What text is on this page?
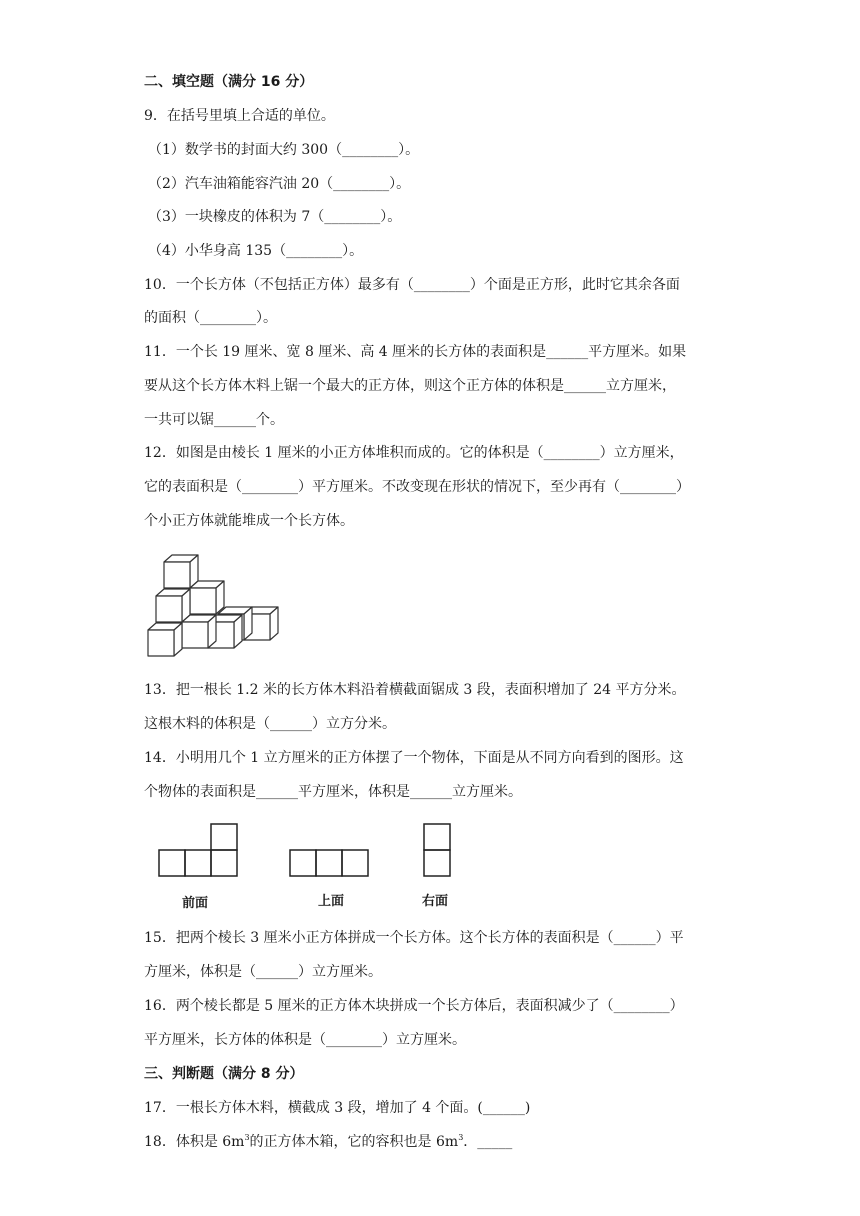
二、填空题（满分 16 分）
9．在括号里填上合适的单位。
（1）数学书的封面大约 300（________）。
（2）汽车油箱能容汽油 20（________）。
（3）一块橡皮的体积为 7（________）。
（4）小华身高 135（________）。
10．一个长方体（不包括正方体）最多有（________）个面是正方形，此时它其余各面
的面积（________）。
11．一个长 19 厘米、宽 8 厘米、高 4 厘米的长方体的表面积是______平方厘米。如果
要从这个长方体木料上锯一个最大的正方体，则这个正方体的体积是______立方厘米，
一共可以锯______个。
12．如图是由棱长 1 厘米的小正方体堆积而成的。它的体积是（________）立方厘米，
它的表面积是（________）平方厘米。不改变现在形状的情况下，至少再有（________）
个小正方体就能堆成一个长方体。
13．把一根长 1.2 米的长方体木料沿着横截面锯成 3 段，表面积增加了 24 平方分米。
这根木料的体积是（______）立方分米。
14．小明用几个 1 立方厘米的正方体摆了一个物体，下面是从不同方向看到的图形。这
个物体的表面积是______平方厘米，体积是______立方厘米。
前面	上面	右面
15．把两个棱长 3 厘米小正方体拼成一个长方体。这个长方体的表面积是（______）平
方厘米，体积是（______）立方厘米。
16．两个棱长都是 5 厘米的正方体木块拼成一个长方体后，表面积减少了（________）
平方厘米，长方体的体积是（________）立方厘米。
三、判断题（满分 8 分）
17．一根长方体木料，横截成 3 段，增加了 4 个面。(______)
18．体积是 $6m^3$的正方体木箱，它的容积也是 $6m^3$．_____
